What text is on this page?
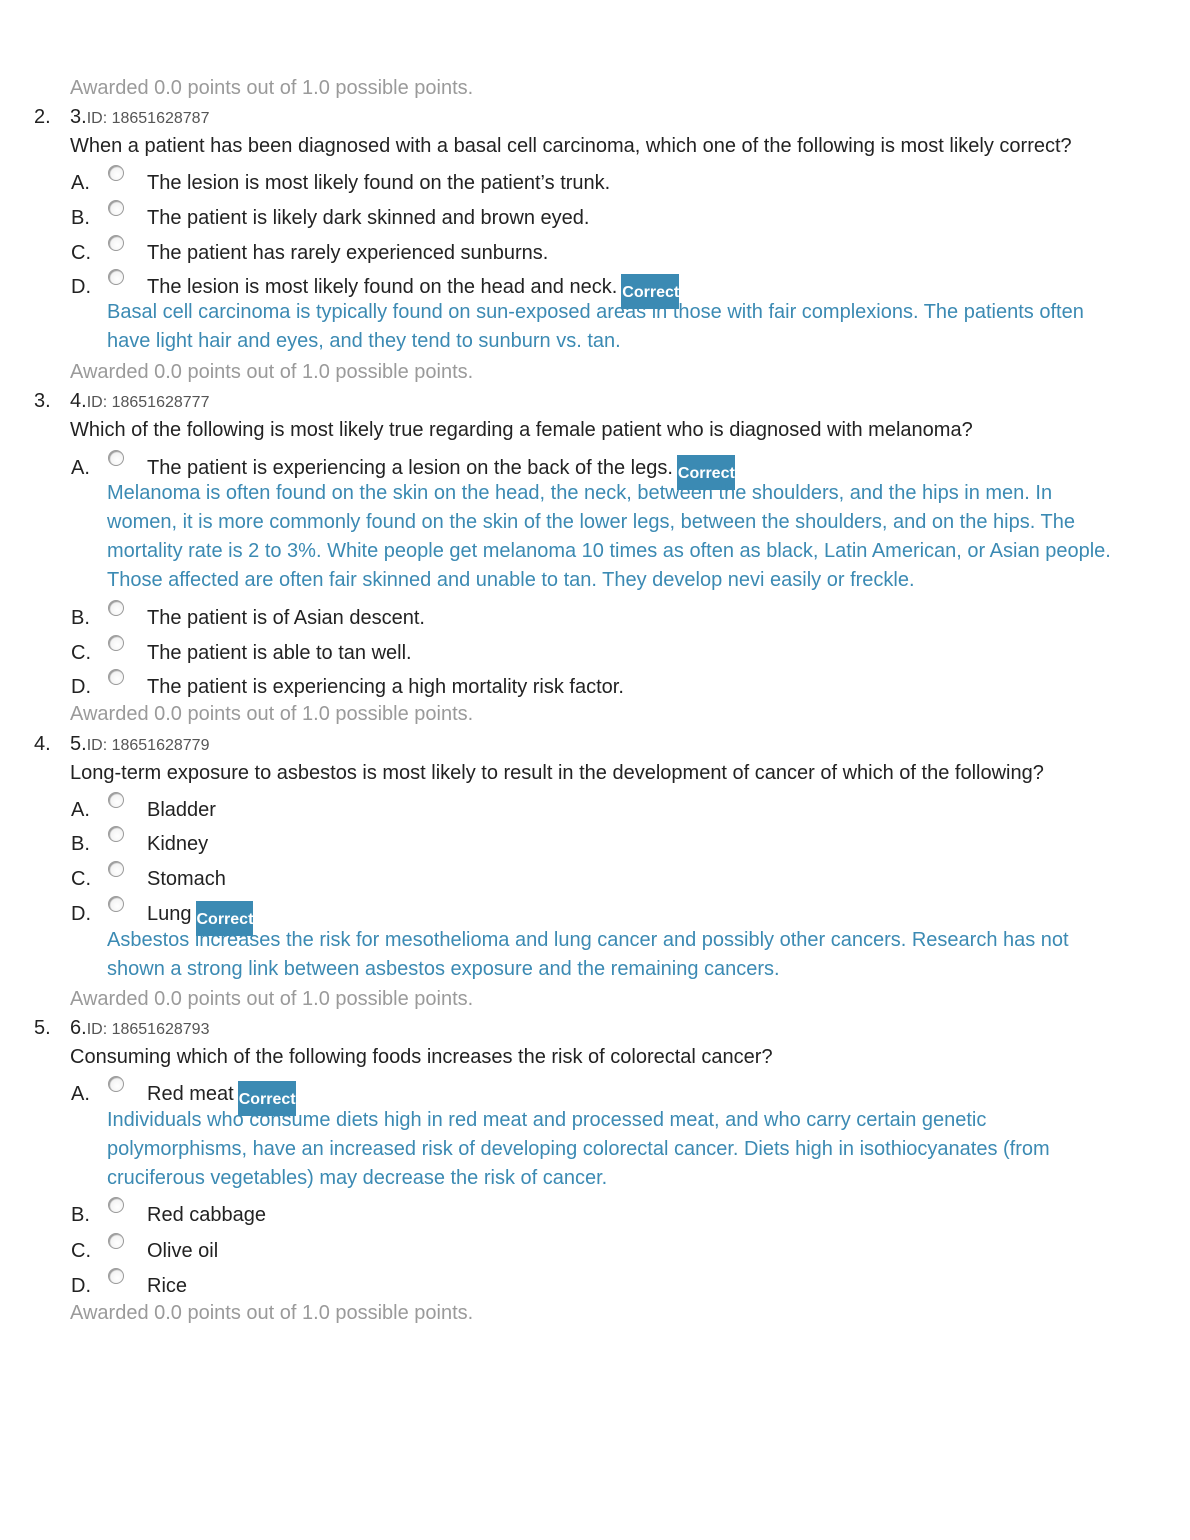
Awarded 0.0 points out of 1.0 possible points.
2. 3.ID: 18651628787
When a patient has been diagnosed with a basal cell carcinoma, which one of the following is most likely correct?
A.	The lesion is most likely found on the patient’s trunk.
B.	The patient is likely dark skinned and brown eyed.
C.	The patient has rarely experienced sunburns.
D.	The lesion is most likely found on the head and neck. Correct
Basal cell carcinoma is typically found on sun-exposed areas in those with fair complexions. The patients often have light hair and eyes, and they tend to sunburn vs. tan.
Awarded 0.0 points out of 1.0 possible points.
3. 4.ID: 18651628777
Which of the following is most likely true regarding a female patient who is diagnosed with melanoma?
A.	The patient is experiencing a lesion on the back of the legs. Correct
Melanoma is often found on the skin on the head, the neck, between the shoulders, and the hips in men. In women, it is more commonly found on the skin of the lower legs, between the shoulders, and on the hips. The mortality rate is 2 to 3%. White people get melanoma 10 times as often as black, Latin American, or Asian people. Those affected are often fair skinned and unable to tan. They develop nevi easily or freckle.
B.	The patient is of Asian descent.
C.	The patient is able to tan well.
D.	The patient is experiencing a high mortality risk factor.
Awarded 0.0 points out of 1.0 possible points.
4. 5.ID: 18651628779
Long-term exposure to asbestos is most likely to result in the development of cancer of which of the following?
A.	Bladder
B.	Kidney
C.	Stomach
D.	Lung Correct
Asbestos increases the risk for mesothelioma and lung cancer and possibly other cancers. Research has not shown a strong link between asbestos exposure and the remaining cancers.
Awarded 0.0 points out of 1.0 possible points.
5. 6.ID: 18651628793
Consuming which of the following foods increases the risk of colorectal cancer?
A.	Red meat Correct
Individuals who consume diets high in red meat and processed meat, and who carry certain genetic polymorphisms, have an increased risk of developing colorectal cancer. Diets high in isothiocyanates (from cruciferous vegetables) may decrease the risk of cancer.
B.	Red cabbage
C.	Olive oil
D.	Rice
Awarded 0.0 points out of 1.0 possible points.
